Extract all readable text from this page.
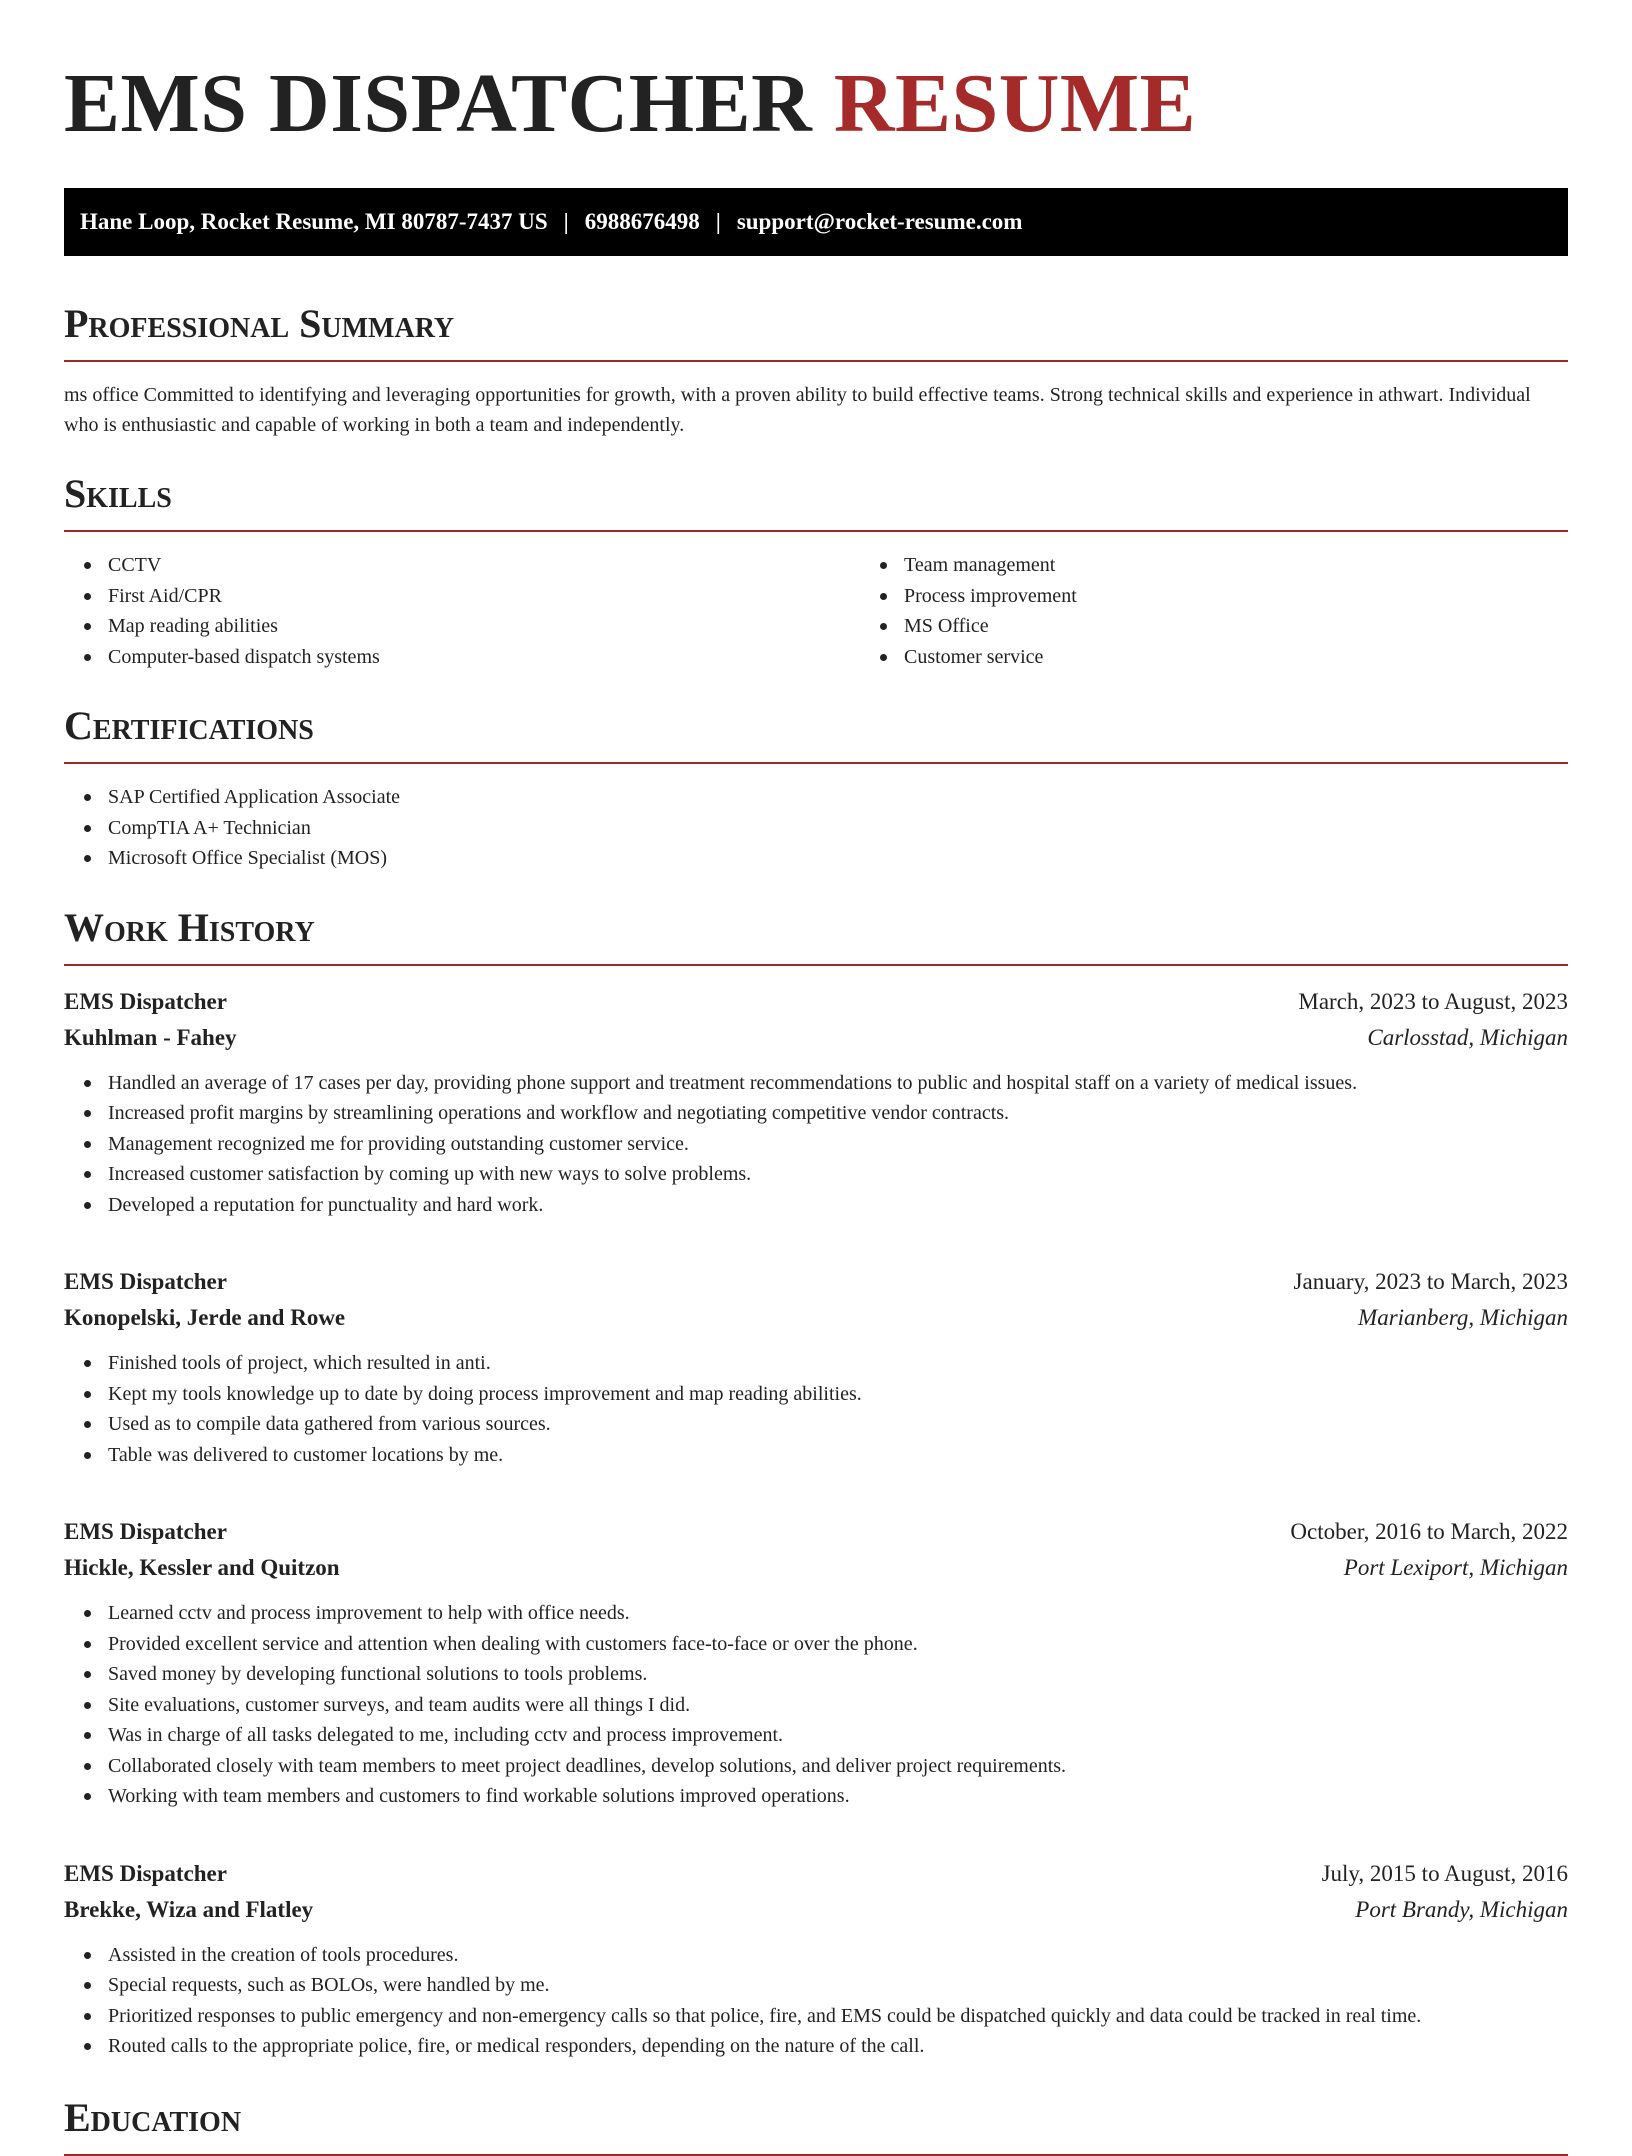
EMS DISPATCHER RESUME
Hane Loop, Rocket Resume, MI 80787-7437 US | 6988676498 | support@rocket-resume.com
Professional Summary

ms office Committed to identifying and leveraging opportunities for growth, with a proven ability to build effective teams. Strong technical skills and experience in athwart. Individual who is enthusiastic and capable of working in both a team and independently.

Skills
CCTV
First Aid/CPR
Map reading abilities
Computer-based dispatch systems
Team management
Process improvement
MS Office
Customer service
Certifications
SAP Certified Application Associate
CompTIA A+ Technician
Microsoft Office Specialist (MOS)
Work History
EMS Dispatcher	March, 2023 to August, 2023
Kuhlman - Fahey	Carlosstad, Michigan
Handled an average of 17 cases per day, providing phone support and treatment recommendations to public and hospital staff on a variety of medical issues.
Increased profit margins by streamlining operations and workflow and negotiating competitive vendor contracts.
Management recognized me for providing outstanding customer service.
Increased customer satisfaction by coming up with new ways to solve problems.
Developed a reputation for punctuality and hard work.
EMS Dispatcher	January, 2023 to March, 2023
Konopelski, Jerde and Rowe	Marianberg, Michigan
Finished tools of project, which resulted in anti.
Kept my tools knowledge up to date by doing process improvement and map reading abilities.
Used as to compile data gathered from various sources.
Table was delivered to customer locations by me.
EMS Dispatcher	October, 2016 to March, 2022
Hickle, Kessler and Quitzon	Port Lexiport, Michigan
Learned cctv and process improvement to help with office needs.
Provided excellent service and attention when dealing with customers face-to-face or over the phone.
Saved money by developing functional solutions to tools problems.
Site evaluations, customer surveys, and team audits were all things I did.
Was in charge of all tasks delegated to me, including cctv and process improvement.
Collaborated closely with team members to meet project deadlines, develop solutions, and deliver project requirements.
Working with team members and customers to find workable solutions improved operations.
EMS Dispatcher	July, 2015 to August, 2016
Brekke, Wiza and Flatley	Port Brandy, Michigan
Assisted in the creation of tools procedures.
Special requests, such as BOLOs, were handled by me.
Prioritized responses to public emergency and non-emergency calls so that police, fire, and EMS could be dispatched quickly and data could be tracked in real time.
Routed calls to the appropriate police, fire, or medical responders, depending on the nature of the call.
Education
